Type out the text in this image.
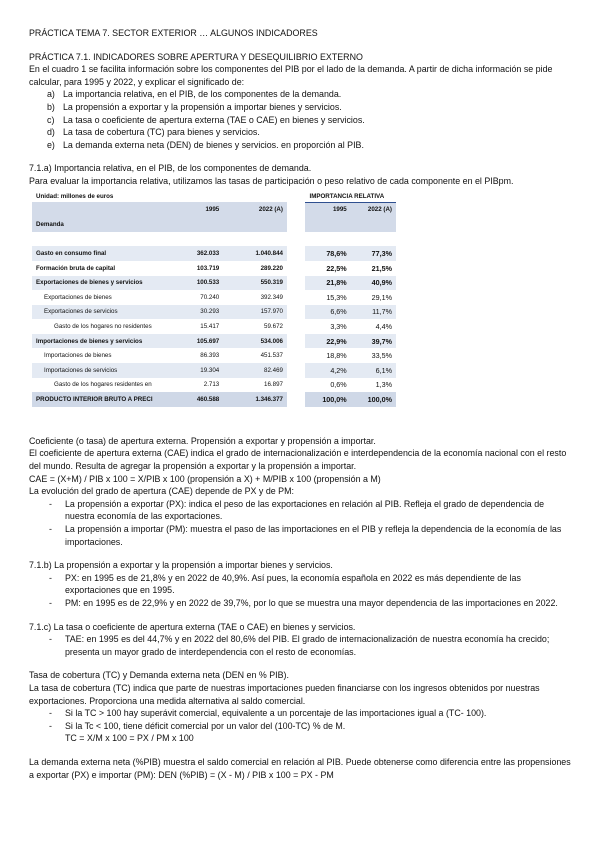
PRÁCTICA TEMA 7. SECTOR EXTERIOR … ALGUNOS INDICADORES

PRÁCTICA 7.1. INDICADORES SOBRE APERTURA Y DESEQUILIBRIO EXTERNO

En el cuadro 1 se facilita información sobre los componentes del PIB por el lado de la demanda. A partir de dicha información se pide calcular, para 1995 y 2022, y explicar el significado de:

a) La importancia relativa, en el PIB, de los componentes de la demanda.
b) La propensión a exportar y la propensión a importar bienes y servicios.
c) La tasa o coeficiente de apertura externa (TAE o CAE) en bienes y servicios.
d) La tasa de cobertura (TC) para bienes y servicios.
e) La demanda externa neta (DEN) de bienes y servicios. en proporción al PIB.

7.1.a) Importancia relativa, en el PIB, de los componentes de demanda.

Para evaluar la importancia relativa, utilizamos las tasas de participación o peso relativo de cada componente en el PIBpm.

Unidad: millones de euros				IMPORTANCIA RELATIVA	
	1995	2022 (A)		1995	2022 (A)
Demanda					

Gasto en consumo final	362.033	1.040.844		78,6%	77,3%
Formación bruta de capital	103.719	289.220		22,5%	21,5%
Exportaciones de bienes y servicios	100.533	550.319		21,8%	40,9%
Exportaciones de bienes	70.240	392.349		15,3%	29,1%
Exportaciones de servicios	30.293	157.970		6,6%	11,7%
Gasto de los hogares no residentes	15.417	59.672		3,3%	4,4%
Importaciones de bienes y servicios	105.697	534.006		22,9%	39,7%
Importaciones de bienes	86.393	451.537		18,8%	33,5%
Importaciones de servicios	19.304	82.469		4,2%	6,1%
Gasto de los hogares residentes en	2.713	16.897		0,6%	1,3%
PRODUCTO INTERIOR BRUTO A PRECI	460.588	1.346.377		100,0%	100,0%

Coeficiente (o tasa) de apertura externa. Propensión a exportar y propensión a importar.

El coeficiente de apertura externa (CAE) indica el grado de internacionalización e interdependencia de la economía nacional con el resto del mundo. Resulta de agregar la propensión a exportar y la propensión a importar.

CAE = (X+M) / PIB x 100 = X/PIB x 100 (propensión a X) + M/PIB x 100 (propensión a M)

La evolución del grado de apertura (CAE) depende de PX y de PM:

- La propensión a exportar (PX): indica el peso de las exportaciones en relación al PIB. Refleja el grado de dependencia de nuestra economía de las exportaciones.
- La propensión a importar (PM): muestra el paso de las importaciones en el PIB y refleja la dependencia de la economía de las importaciones.

7.1.b) La propensión a exportar y la propensión a importar bienes y servicios.

- PX: en 1995 es de 21,8% y en 2022 de 40,9%. Así pues, la economía española en 2022 es más dependiente de las exportaciones que en 1995.
- PM: en 1995 es de 22,9% y en 2022 de 39,7%, por lo que se muestra una mayor dependencia de las importaciones en 2022.

7.1.c) La tasa o coeficiente de apertura externa (TAE o CAE) en bienes y servicios.

- TAE: en 1995 es del 44,7% y en 2022 del 80,6% del PIB. El grado de internacionalización de nuestra economía ha crecido; presenta un mayor grado de interdependencia con el resto de economías.

Tasa de cobertura (TC) y Demanda externa neta (DEN en % PIB).

La tasa de cobertura (TC) indica que parte de nuestras importaciones pueden financiarse con los ingresos obtenidos por nuestras exportaciones. Proporciona una medida alternativa al saldo comercial.

- Si la TC > 100 hay superávit comercial, equivalente a un porcentaje de las importaciones igual a (TC- 100).
- Si la Tc < 100, tiene déficit comercial por un valor del (100-TC) % de M.

TC = X/M x 100 = PX / PM x 100

La demanda externa neta (%PIB) muestra el saldo comercial en relación al PIB. Puede obtenerse como diferencia entre las propensiones a exportar (PX) e importar (PM): DEN (%PIB) = (X - M) / PIB x 100 = PX - PM
